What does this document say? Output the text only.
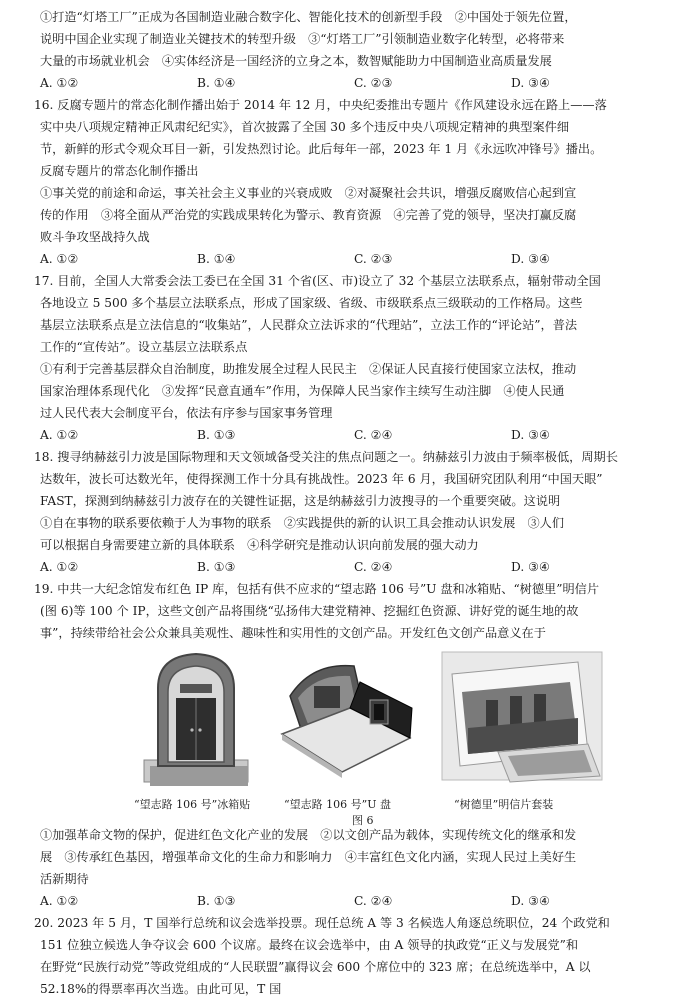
①打造“灯塔工厂”正成为各国制造业融合数字化、智能化技术的创新型手段　②中国处于领先位置，
说明中国企业实现了制造业关键技术的转型升级　③“灯塔工厂”引领制造业数字化转型，必将带来
大量的市场就业机会　④实体经济是一国经济的立身之本，数智赋能助力中国制造业高质量发展
A. ①②	B. ①④	C. ②③	D. ③④
16. 反腐专题片的常态化制作播出始于 2014 年 12 月，中央纪委推出专题片《作风建设永远在路上——落
实中央八项规定精神正风肃纪纪实》，首次披露了全国 30 多个违反中央八项规定精神的典型案件细
节，新鲜的形式令观众耳目一新，引发热烈讨论。此后每年一部，2023 年 1 月《永远吹冲锋号》播出。
反腐专题片的常态化制作播出
①事关党的前途和命运，事关社会主义事业的兴衰成败　②对凝聚社会共识，增强反腐败信心起到宣
传的作用　③将全面从严治党的实践成果转化为警示、教育资源　④完善了党的领导，坚决打赢反腐
败斗争攻坚战持久战
A. ①②	B. ①④	C. ②③	D. ③④
17. 目前，全国人大常委会法工委已在全国 31 个省(区、市)设立了 32 个基层立法联系点，辐射带动全国
各地设立 5 500 多个基层立法联系点，形成了国家级、省级、市级联系点三级联动的工作格局。这些
基层立法联系点是立法信息的“收集站”，人民群众立法诉求的“代理站”，立法工作的“评论站”，普法
工作的“宣传站”。设立基层立法联系点
①有利于完善基层群众自治制度，助推发展全过程人民民主　②保证人民直接行使国家立法权，推动
国家治理体系现代化　③发挥“民意直通车”作用，为保障人民当家作主续写生动注脚　④使人民通
过人民代表大会制度平台，依法有序参与国家事务管理
A. ①②	B. ①③	C. ②④	D. ③④
18. 搜寻纳赫兹引力波是国际物理和天文领域备受关注的焦点问题之一。纳赫兹引力波由于频率极低，周期长
达数年，波长可达数光年，使得探测工作十分具有挑战性。2023 年 6 月，我国研究团队利用“中国天眼”
FAST，探测到纳赫兹引力波存在的关键性证据，这是纳赫兹引力波搜寻的一个重要突破。这说明
①自在事物的联系要依赖于人为事物的联系　②实践提供的新的认识工具会推动认识发展　③人们
可以根据自身需要建立新的具体联系　④科学研究是推动认识向前发展的强大动力
A. ①②	B. ①③	C. ②④	D. ③④
19. 中共一大纪念馆发布红色 IP 库，包括有供不应求的“望志路 106 号”U 盘和冰箱贴、“树德里”明信片
(图 6)等 100 个 IP，这些文创产品将围绕“弘扬伟大建党精神、挖掘红色资源、讲好党的诞生地的故
事”，持续带给社会公众兼具美观性、趣味性和实用性的文创产品。开发红色文创产品意义在于
“望志路 106 号”冰箱贴	“望志路 106 号”U 盘	“树德里”明信片套装
图 6
①加强革命文物的保护，促进红色文化产业的发展　②以文创产品为载体，实现传统文化的继承和发
展　③传承红色基因，增强革命文化的生命力和影响力　④丰富红色文化内涵，实现人民过上美好生
活新期待
A. ①②	B. ①③	C. ②④	D. ③④
20. 2023 年 5 月，T 国举行总统和议会选举投票。现任总统 A 等 3 名候选人角逐总统职位，24 个政党和
151 位独立候选人争夺议会 600 个议席。最终在议会选举中，由 A 领导的执政党“正义与发展党”和
在野党“民族行动党”等政党组成的“人民联盟”赢得议会 600 个席位中的 323 席；在总统选举中，A 以
52.18%的得票率再次当选。由此可见，T 国
